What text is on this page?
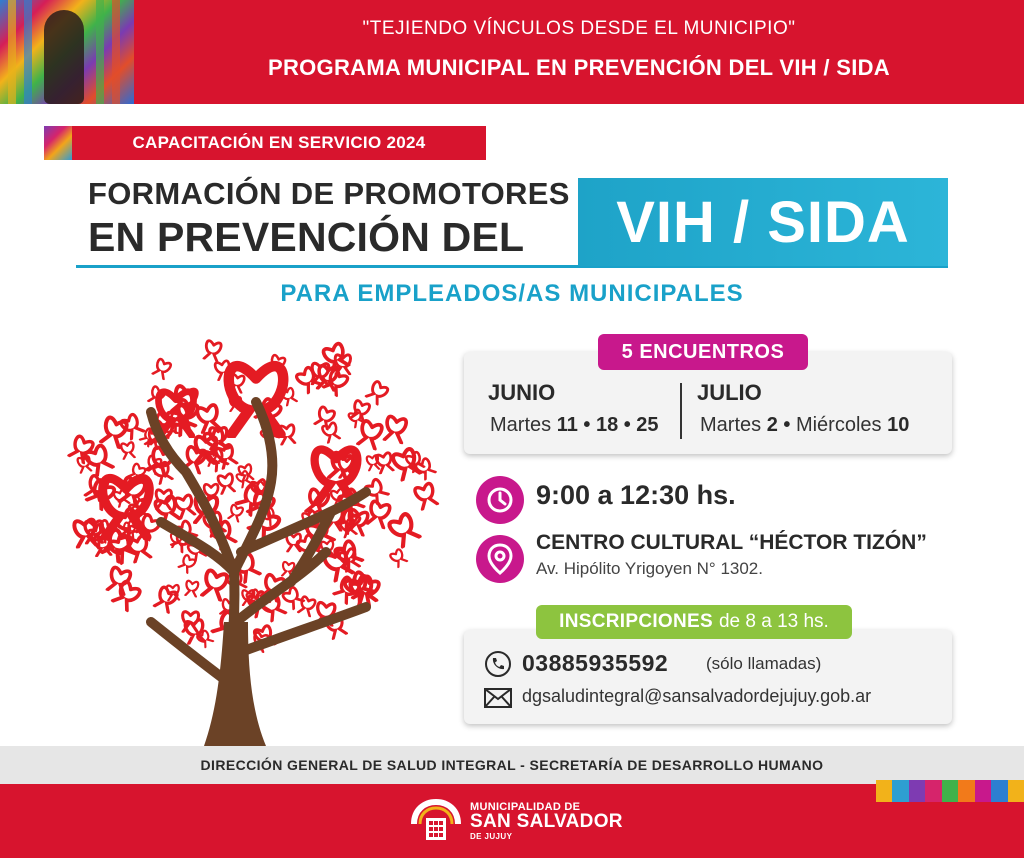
"TEJIENDO VÍNCULOS DESDE EL MUNICIPIO"
PROGRAMA MUNICIPAL EN PREVENCIÓN DEL VIH / SIDA
CAPACITACIÓN EN SERVICIO 2024
FORMACIÓN DE PROMOTORES
EN PREVENCIÓN DEL	VIH / SIDA
PARA EMPLEADOS/AS MUNICIPALES
5 ENCUENTROS
JUNIO
Martes 11 • 18 • 25
JULIO
Martes 2 • Miércoles 10
9:00 a 12:30 hs.
CENTRO CULTURAL “HÉCTOR TIZÓN”
Av. Hipólito Yrigoyen N° 1302.
INSCRIPCIONES de 8 a 13 hs.
03885935592 (sólo llamadas)
dgsaludintegral@sansalvadordejujuy.gob.ar
DIRECCIÓN GENERAL DE SALUD INTEGRAL - SECRETARÍA DE DESARROLLO HUMANO
MUNICIPALIDAD DE
SAN SALVADOR
DE JUJUY
